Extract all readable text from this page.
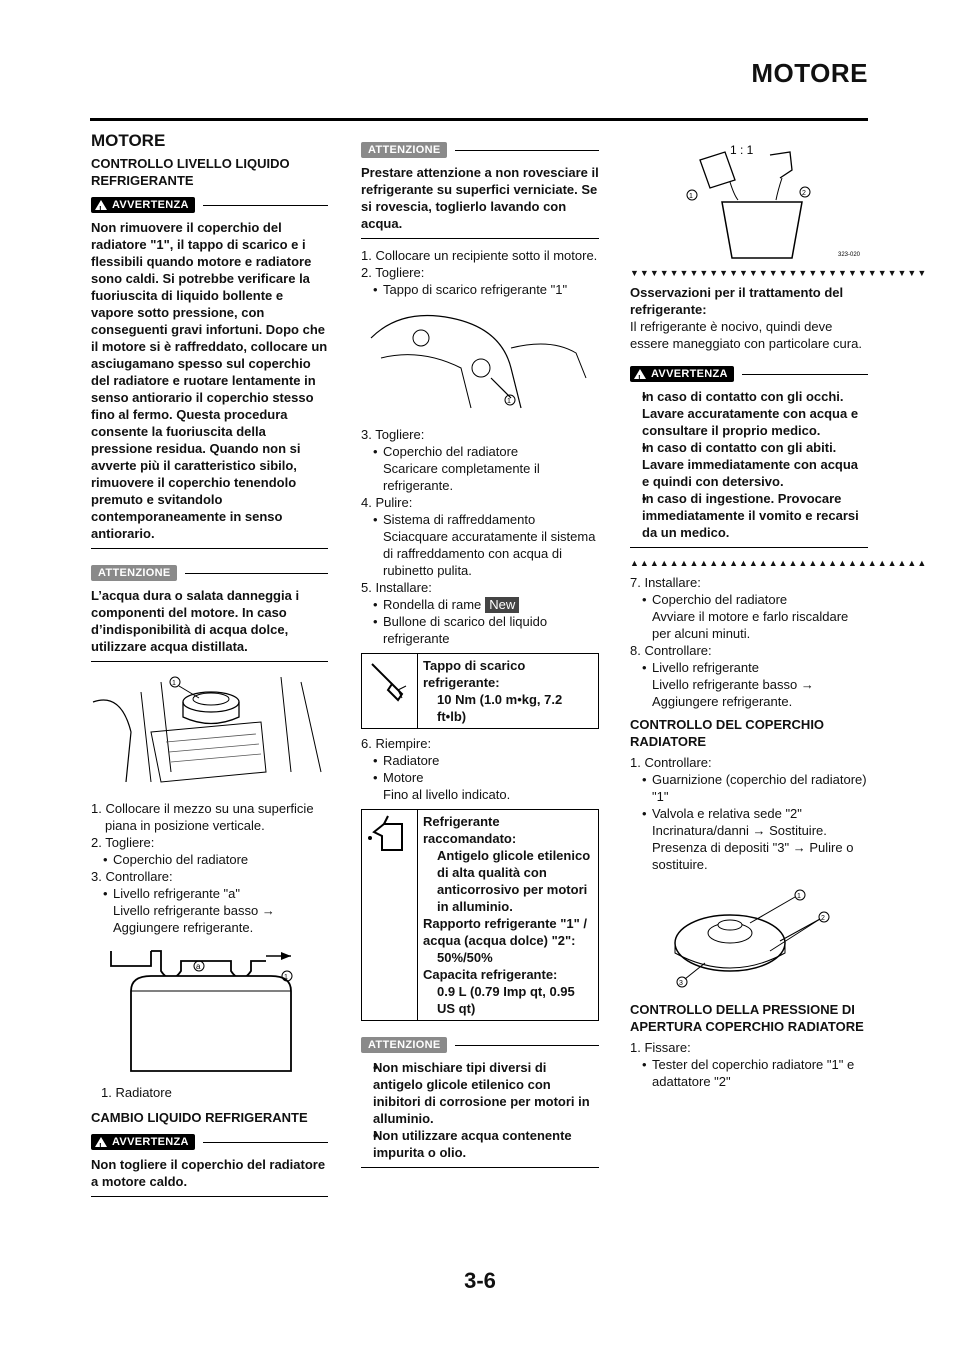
MOTORE
MOTORE
CONTROLLO LIVELLO LIQUIDO REFRIGERANTE
! AVVERTENZA
Non rimuovere il coperchio del radiatore "1", il tappo di scarico e i flessibili quando motore e radiatore sono caldi. Si potrebbe verificare la fuoriuscita di liquido bollente e vapore sotto pressione, con conseguenti gravi infortuni. Dopo che il motore si è raffreddato, collocare un asciugamano spesso sul coperchio del radiatore e ruotare lentamente in senso antiorario il coperchio stesso fino al fermo. Questa procedura consente la fuoriuscita della pressione residua. Quando non si avverte più il caratteristico sibilo, rimuovere il coperchio tenendolo premuto e svitandolo contemporaneamente in senso antiorario.
ATTENZIONE
L’acqua dura o salata danneggia i componenti del motore. In caso d’indisponibilità di acqua dolce, utilizzare acqua distillata.
1
1. Collocare il mezzo su una superficie piana in posizione verticale.
2. Togliere:
• Coperchio del radiatore
3. Controllare:
• Livello refrigerante "a"
Livello refrigerante basso → Aggiungere refrigerante.
a
1
1. Radiatore
CAMBIO LIQUIDO REFRIGERANTE
! AVVERTENZA
Non togliere il coperchio del radiatore a motore caldo.
ATTENZIONE
Prestare attenzione a non rovesciare il refrigerante su superfici verniciate. Se si rovescia, toglierlo lavando con acqua.
1. Collocare un recipiente sotto il motore.
2. Togliere:
• Tappo di scarico refrigerante "1"
1
3. Togliere:
• Coperchio del radiatore
Scaricare completamente il refrigerante.
4. Pulire:
• Sistema di raffreddamento
Sciacquare accuratamente il sistema di raffreddamento con acqua di rubinetto pulita.
5. Installare:
• Rondella di rame New
• Bullone di scarico del liquido refrigerante
Tappo di scarico refrigerante:
10 Nm (1.0 m•kg, 7.2 ft•lb)
6. Riempire:
• Radiatore
• Motore
Fino al livello indicato.
Refrigerante raccomandato:
Antigelo glicole etilenico di alta qualità con anticorrosivo per motori in alluminio.
Rapporto refrigerante "1" / acqua (acqua dolce) "2":
50%/50%
Capacita refrigerante:
0.9 L (0.79 Imp qt, 0.95 US qt)
ATTENZIONE
• Non mischiare tipi diversi di antigelo glicole etilenico con inibitori di corrosione per motori in alluminio.
• Non utilizzare acqua contenente impurita o olio.
1 : 1
1	2
323-020
▼▼▼▼▼▼▼▼▼▼▼▼▼▼▼▼▼▼▼▼▼▼▼▼▼▼▼▼▼▼
Osservazioni per il trattamento del refrigerante:
Il refrigerante è nocivo, quindi deve essere maneggiato con particolare cura.
! AVVERTENZA
• In caso di contatto con gli occhi. Lavare accuratamente con acqua e consultare il proprio medico.
• In caso di contatto con gli abiti. Lavare immediatamente con acqua e quindi con detersivo.
• In caso di ingestione. Provocare immediatamente il vomito e recarsi da un medico.
▲▲▲▲▲▲▲▲▲▲▲▲▲▲▲▲▲▲▲▲▲▲▲▲▲▲▲▲▲▲
7. Installare:
• Coperchio del radiatore
Avviare il motore e farlo riscaldare per alcuni minuti.
8. Controllare:
• Livello refrigerante
Livello refrigerante basso → Aggiungere refrigerante.
CONTROLLO DEL COPERCHIO RADIATORE
1. Controllare:
• Guarnizione (coperchio del radiatore) "1"
• Valvola e relativa sede "2"
Incrinatura/danni → Sostituire.
Presenza di depositi "3" → Pulire o sostituire.
1
2
3
CONTROLLO DELLA PRESSIONE DI APERTURA COPERCHIO RADIATORE
1. Fissare:
• Tester del coperchio radiatore "1" e adattatore "2"
3-6
